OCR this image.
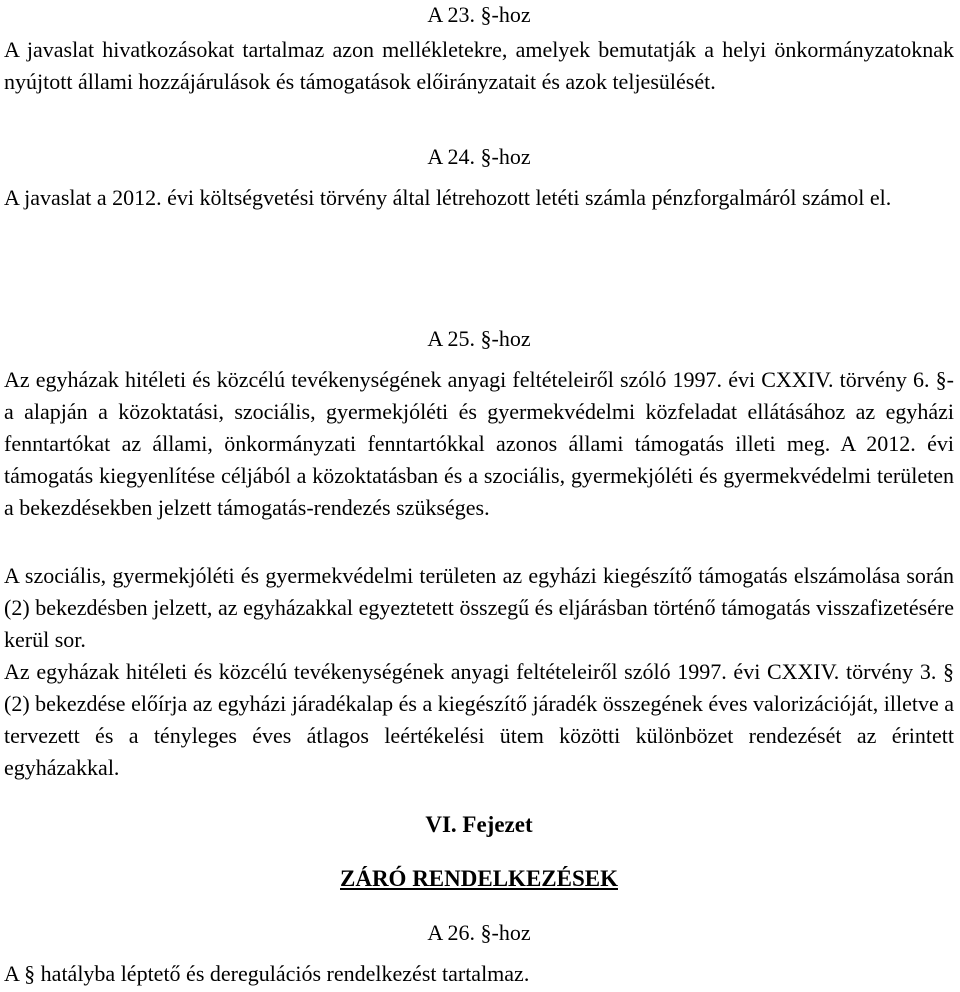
A 23. §-hoz

A javaslat hivatkozásokat tartalmaz azon mellékletekre, amelyek bemutatják a helyi önkormányzatoknak nyújtott állami hozzájárulások és támogatások előirányzatait és azok teljesülését.

A 24. §-hoz

A javaslat a 2012. évi költségvetési törvény által létrehozott letéti számla pénzforgalmáról számol el.

A 25. §-hoz

Az egyházak hitéleti és közcélú tevékenységének anyagi feltételeiről szóló 1997. évi CXXIV. törvény 6. §-a alapján a közoktatási, szociális, gyermekjóléti és gyermekvédelmi közfeladat ellátásához az egyházi fenntartókat az állami, önkormányzati fenntartókkal azonos állami támogatás illeti meg. A 2012. évi támogatás kiegyenlítése céljából a közoktatásban és a szociális, gyermekjóléti és gyermekvédelmi területen a bekezdésekben jelzett támogatás-rendezés szükséges.

A szociális, gyermekjóléti és gyermekvédelmi területen az egyházi kiegészítő támogatás elszámolása során (2) bekezdésben jelzett, az egyházakkal egyeztetett összegű és eljárásban történő támogatás visszafizetésére kerül sor.

Az egyházak hitéleti és közcélú tevékenységének anyagi feltételeiről szóló 1997. évi CXXIV. törvény 3. § (2) bekezdése előírja az egyházi járadékalap és a kiegészítő járadék összegének éves valorizációját, illetve a tervezett és a tényleges éves átlagos leértékelési ütem közötti különbözet rendezését az érintett egyházakkal.

VI. Fejezet

ZÁRÓ RENDELKEZÉSEK

A 26. §-hoz

A § hatályba léptető és deregulációs rendelkezést tartalmaz.
